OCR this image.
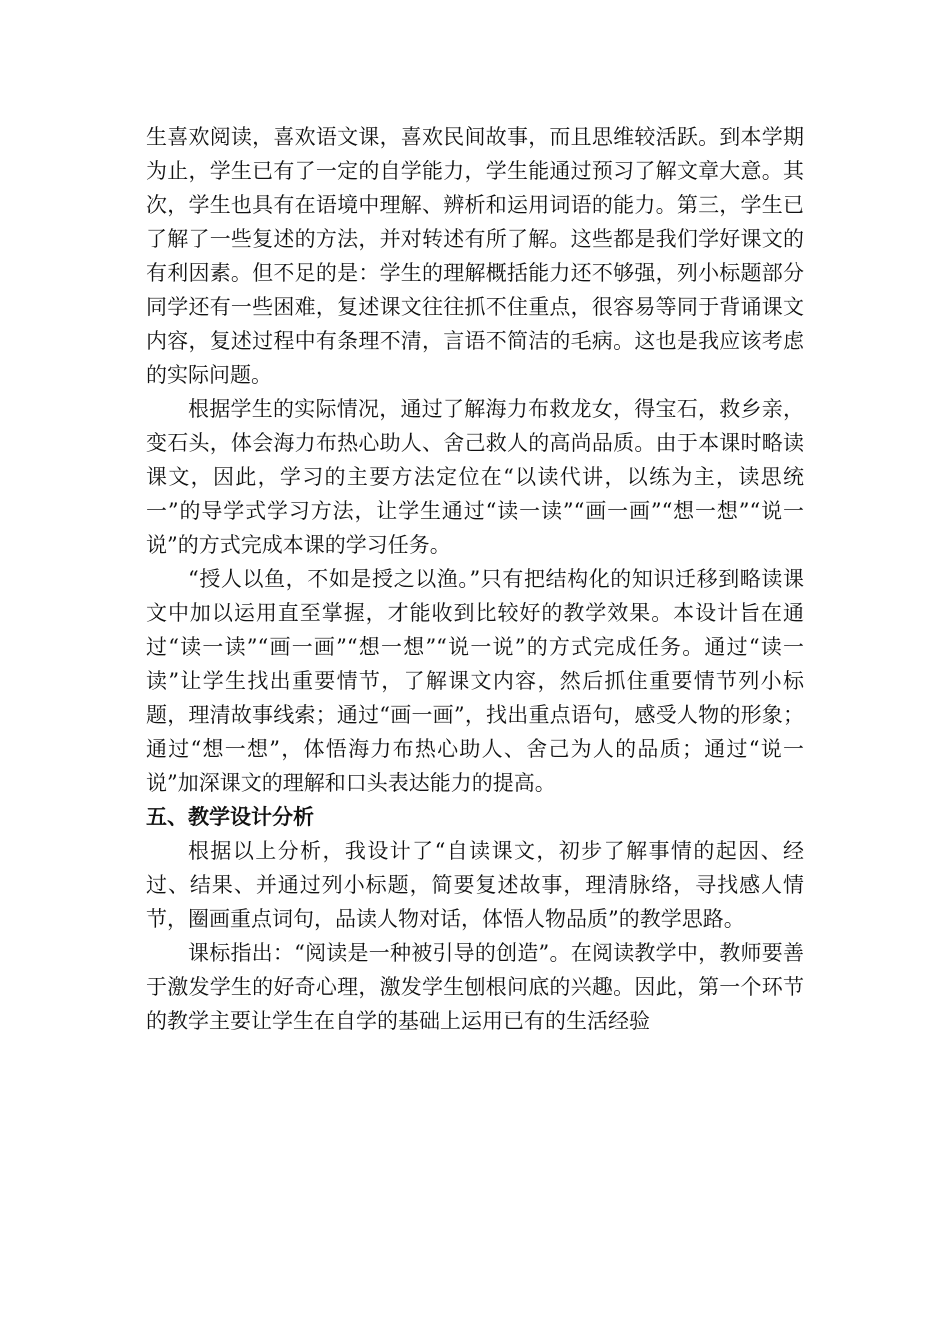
生喜欢阅读，喜欢语文课，喜欢民间故事，而且思维较活跃。到本学期为止，学生已有了一定的自学能力，学生能通过预习了解文章大意。其次，学生也具有在语境中理解、辨析和运用词语的能力。第三，学生已了解了一些复述的方法，并对转述有所了解。这些都是我们学好课文的有利因素。但不足的是：学生的理解概括能力还不够强，列小标题部分同学还有一些困难，复述课文往往抓不住重点，很容易等同于背诵课文内容，复述过程中有条理不清，言语不简洁的毛病。这也是我应该考虑的实际问题。

根据学生的实际情况，通过了解海力布救龙女，得宝石，救乡亲，变石头，体会海力布热心助人、舍己救人的高尚品质。由于本课时略读课文，因此，学习的主要方法定位在“以读代讲，以练为主，读思统一”的导学式学习方法，让学生通过“读一读”“画一画”“想一想”“说一说”的方式完成本课的学习任务。

“授人以鱼，不如是授之以渔。”只有把结构化的知识迁移到略读课文中加以运用直至掌握，才能收到比较好的教学效果。本设计旨在通过“读一读”“画一画”“想一想”“说一说”的方式完成任务。通过“读一读”让学生找出重要情节，了解课文内容，然后抓住重要情节列小标题，理清故事线索；通过“画一画”，找出重点语句，感受人物的形象；通过“想一想”，体悟海力布热心助人、舍己为人的品质；通过“说一说”加深课文的理解和口头表达能力的提高。

五、教学设计分析

根据以上分析，我设计了“自读课文，初步了解事情的起因、经过、结果、并通过列小标题，简要复述故事，理清脉络，寻找感人情节，圈画重点词句，品读人物对话，体悟人物品质”的教学思路。

课标指出：“阅读是一种被引导的创造”。在阅读教学中，教师要善于激发学生的好奇心理，激发学生刨根问底的兴趣。因此，第一个环节的教学主要让学生在自学的基础上运用已有的生活经验
